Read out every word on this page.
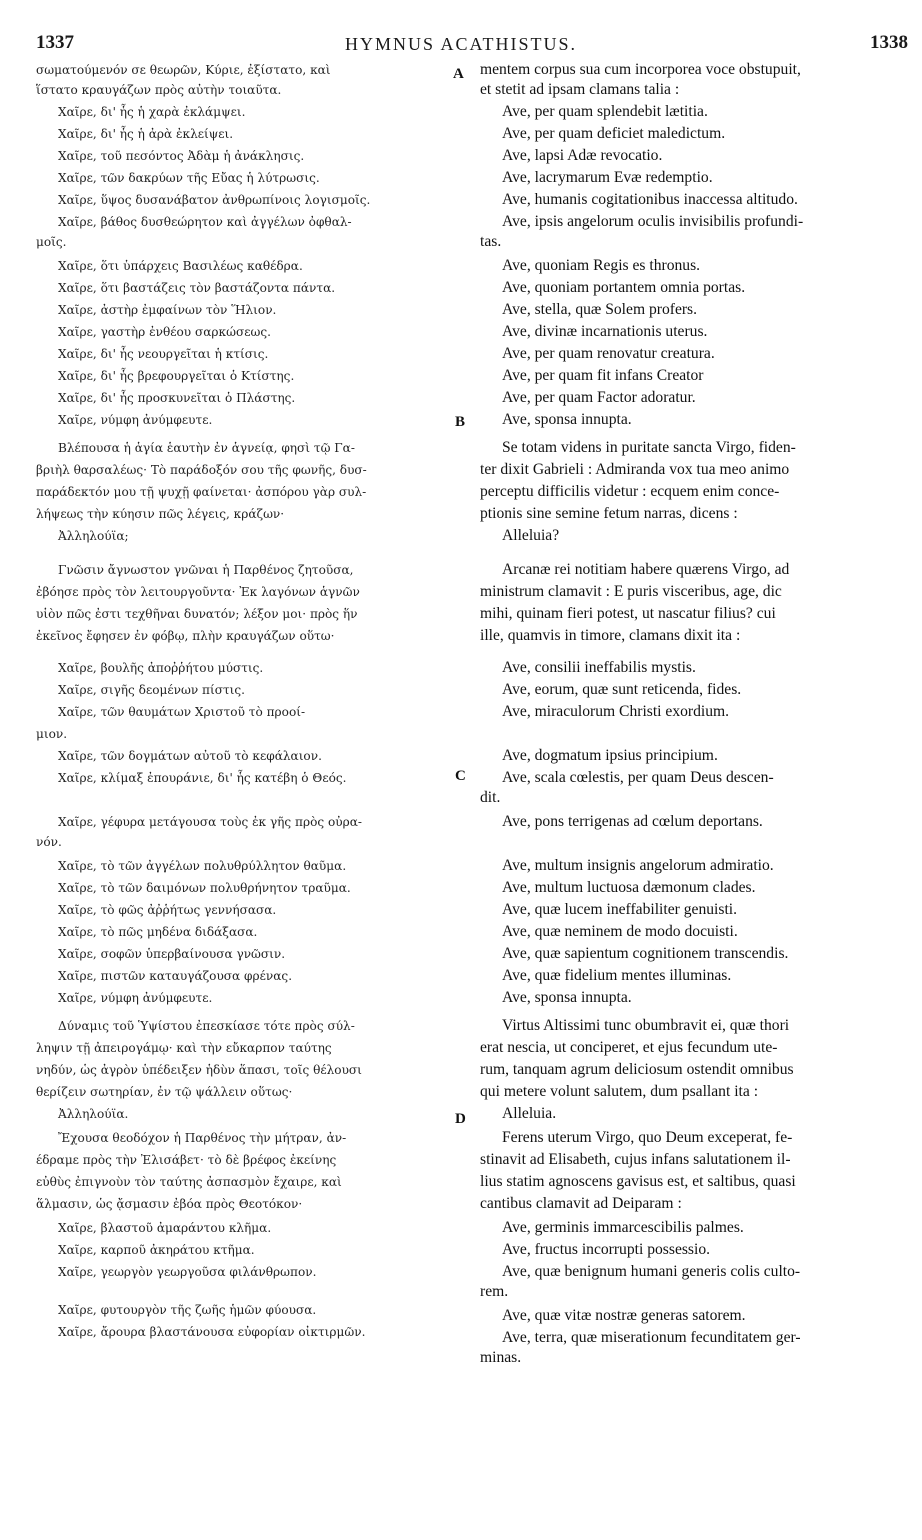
1337	HYMNUS ACATHISTUS.	1338
σωματούμενόν σε θεωρῶν, Κύριε, ἐξίστατο, καὶ
ἵστατο κραυγάζων πρὸς αὐτὴν τοιαῦτα.
Χαῖρε, δι' ἧς ἡ χαρὰ ἐκλάμψει.
Χαῖρε, δι' ἧς ἡ ἀρὰ ἐκλείψει.
Χαῖρε, τοῦ πεσόντος Ἀδὰμ ἡ ἀνάκλησις.
Χαῖρε, τῶν δακρύων τῆς Εὔας ἡ λύτρωσις.
Χαῖρε, ὕψος δυσανάβατον ἀνθρωπίνοις λογισμοῖς.
Χαῖρε, βάθος δυσθεώρητον καὶ ἀγγέλων ὀφθαλ-
μοῖς.
Χαῖρε, ὅτι ὑπάρχεις Βασιλέως καθέδρα.
Χαῖρε, ὅτι βαστάζεις τὸν βαστάζοντα πάντα.
Χαῖρε, ἀστὴρ ἐμφαίνων τὸν Ἥλιον.
Χαῖρε, γαστὴρ ἐνθέου σαρκώσεως.
Χαῖρε, δι' ἧς νεουργεῖται ἡ κτίσις.
Χαῖρε, δι' ἧς βρεφουργεῖται ὁ Κτίστης.
Χαῖρε, δι' ἧς προσκυνεῖται ὁ Πλάστης.
Χαῖρε, νύμφη ἀνύμφευτε.
Βλέπουσα ἡ ἁγία ἑαυτὴν ἐν ἁγνείᾳ, φησὶ τῷ Γα-
βριὴλ θαρσαλέως· Τὸ παράδοξόν σου τῆς φωνῆς, δυσ-
παράδεκτόν μου τῇ ψυχῇ φαίνεται· ἀσπόρου γὰρ συλ-
λήψεως τὴν κύησιν πῶς λέγεις, κράζων·
Ἀλληλούϊα;
Γνῶσιν ἄγνωστον γνῶναι ἡ Παρθένος ζητοῦσα,
ἐβόησε πρὸς τὸν λειτουργοῦντα· Ἐκ λαγόνων ἁγνῶν
υἱὸν πῶς ἐστι τεχθῆναι δυνατόν; λέξον μοι· πρὸς ἥν
ἐκεῖνος ἔφησεν ἐν φόβῳ, πλὴν κραυγάζων οὕτω·
Χαῖρε, βουλῆς ἀποῤῥήτου μύστις.
Χαῖρε, σιγῆς δεομένων πίστις.
Χαῖρε, τῶν θαυμάτων Χριστοῦ τὸ προοί-
μιον.
Χαῖρε, τῶν δογμάτων αὐτοῦ τὸ κεφάλαιον.
Χαῖρε, κλίμαξ ἐπουράνιε, δι' ἧς κατέβη ὁ Θεός.
Χαῖρε, γέφυρα μετάγουσα τοὺς ἐκ γῆς πρὸς οὐρα-
νόν.
Χαῖρε, τὸ τῶν ἀγγέλων πολυθρύλλητον θαῦμα.
Χαῖρε, τὸ τῶν δαιμόνων πολυθρήνητον τραῦμα.
Χαῖρε, τὸ φῶς ἀῤῥήτως γεννήσασα.
Χαῖρε, τὸ πῶς μηδένα διδάξασα.
Χαῖρε, σοφῶν ὑπερβαίνουσα γνῶσιν.
Χαῖρε, πιστῶν καταυγάζουσα φρένας.
Χαῖρε, νύμφη ἀνύμφευτε.
Δύναμις τοῦ Ὑψίστου ἐπεσκίασε τότε πρὸς σύλ-
ληψιν τῇ ἀπειρογάμῳ· καὶ τὴν εὔκαρπον ταύτης
νηδύν, ὡς ἀγρὸν ὑπέδειξεν ἡδὺν ἅπασι, τοῖς θέλουσι
θερίζειν σωτηρίαν, ἐν τῷ ψάλλειν οὕτως·
Ἀλληλούϊα.
Ἔχουσα θεοδόχον ἡ Παρθένος τὴν μήτραν, ἀν-
έδραμε πρὸς τὴν Ἐλισάβετ· τὸ δὲ βρέφος ἐκείνης
εὐθὺς ἐπιγνοὺν τὸν ταύτης ἀσπασμὸν ἔχαιρε, καὶ
ἅλμασιν, ὡς ᾄσμασιν ἐβόα πρὸς Θεοτόκον·
Χαῖρε, βλαστοῦ ἀμαράντου κλῆμα.
Χαῖρε, καρποῦ ἀκηράτου κτῆμα.
Χαῖρε, γεωργὸν γεωργοῦσα φιλάνθρωπον.
Χαῖρε, φυτουργὸν τῆς ζωῆς ἡμῶν φύουσα.
Χαῖρε, ἄρουρα βλαστάνουσα εὐφορίαν οἰκτιρμῶν.
mentem corpus sua cum incorporea voce obstupuit,
et stetit ad ipsam clamans talia :
Ave, per quam splendebit lætitia.
Ave, per quam deficiet maledictum.
Ave, lapsi Adæ revocatio.
Ave, lacrymarum Evæ redemptio.
Ave, humanis cogitationibus inaccessa altitudo.
Ave, ipsis angelorum oculis invisibilis profundi-
tas.
Ave, quoniam Regis es thronus.
Ave, quoniam portantem omnia portas.
Ave, stella, quæ Solem profers.
Ave, divinæ incarnationis uterus.
Ave, per quam renovatur creatura.
Ave, per quam fit infans Creator
Ave, per quam Factor adoratur.
Ave, sponsa innupta.
Se totam videns in puritate sancta Virgo, fiden-
ter dixit Gabrieli : Admiranda vox tua meo animo
perceptu difficilis videtur : ecquem enim conce-
ptionis sine semine fetum narras, dicens :
Alleluia?
Arcanæ rei notitiam habere quærens Virgo, ad
ministrum clamavit : E puris visceribus, age, dic
mihi, quinam fieri potest, ut nascatur filius? cui
ille, quamvis in timore, clamans dixit ita :
Ave, consilii ineffabilis mystis.
Ave, eorum, quæ sunt reticenda, fides.
Ave, miraculorum Christi exordium.
Ave, dogmatum ipsius principium.
Ave, scala cœlestis, per quam Deus descen-
dit.
Ave, pons terrigenas ad cœlum deportans.
Ave, multum insignis angelorum admiratio.
Ave, multum luctuosa dæmonum clades.
Ave, quæ lucem ineffabiliter genuisti.
Ave, quæ neminem de modo docuisti.
Ave, quæ sapientum cognitionem transcendis.
Ave, quæ fidelium mentes illuminas.
Ave, sponsa innupta.
Virtus Altissimi tunc obumbravit ei, quæ thori
erat nescia, ut conciperet, et ejus fecundum ute-
rum, tanquam agrum deliciosum ostendit omnibus
qui metere volunt salutem, dum psallant ita :
Alleluia.
Ferens uterum Virgo, quo Deum exceperat, fe-
stinavit ad Elisabeth, cujus infans salutationem il-
lius statim agnoscens gavisus est, et saltibus, quasi
cantibus clamavit ad Deiparam :
Ave, germinis immarcescibilis palmes.
Ave, fructus incorrupti possessio.
Ave, quæ benignum humani generis colis culto-
rem.
Ave, quæ vitæ nostræ generas satorem.
Ave, terra, quæ miserationum fecunditatem ger-
minas.
A
B
C
D
